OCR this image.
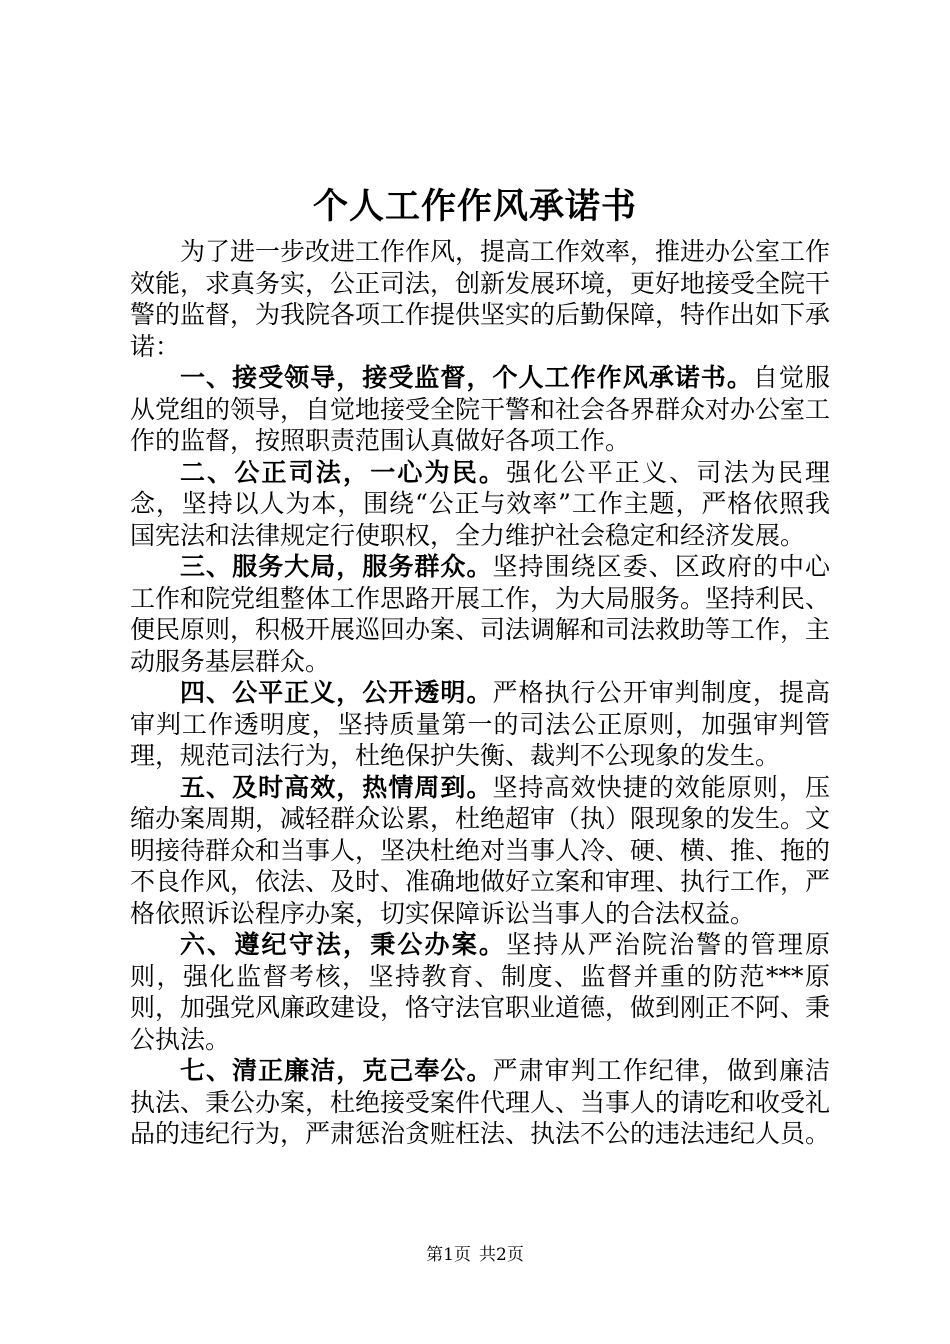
个人工作作风承诺书

为了进一步改进工作作风，提高工作效率，推进办公室工作效能，求真务实，公正司法，创新发展环境，更好地接受全院干警的监督，为我院各项工作提供坚实的后勤保障，特作出如下承诺：

一、接受领导，接受监督，个人工作作风承诺书。自觉服从党组的领导，自觉地接受全院干警和社会各界群众对办公室工作的监督，按照职责范围认真做好各项工作。

二、公正司法，一心为民。强化公平正义、司法为民理念，坚持以人为本，围绕“公正与效率”工作主题，严格依照我国宪法和法律规定行使职权，全力维护社会稳定和经济发展。

三、服务大局，服务群众。坚持围绕区委、区政府的中心工作和院党组整体工作思路开展工作，为大局服务。坚持利民、便民原则，积极开展巡回办案、司法调解和司法救助等工作，主动服务基层群众。

四、公平正义，公开透明。严格执行公开审判制度，提高审判工作透明度，坚持质量第一的司法公正原则，加强审判管理，规范司法行为，杜绝保护失衡、裁判不公现象的发生。

五、及时高效，热情周到。坚持高效快捷的效能原则，压缩办案周期，减轻群众讼累，杜绝超审（执）限现象的发生。文明接待群众和当事人，坚决杜绝对当事人冷、硬、横、推、拖的不良作风，依法、及时、准确地做好立案和审理、执行工作，严格依照诉讼程序办案，切实保障诉讼当事人的合法权益。

六、遵纪守法，秉公办案。坚持从严治院治警的管理原则，强化监督考核，坚持教育、制度、监督并重的防范***原则，加强党风廉政建设，恪守法官职业道德，做到刚正不阿、秉公执法。

七、清正廉洁，克己奉公。严肃审判工作纪律，做到廉洁执法、秉公办案，杜绝接受案件代理人、当事人的请吃和收受礼品的违纪行为，严肃惩治贪赃枉法、执法不公的违法违纪人员。

第1页 共2页
